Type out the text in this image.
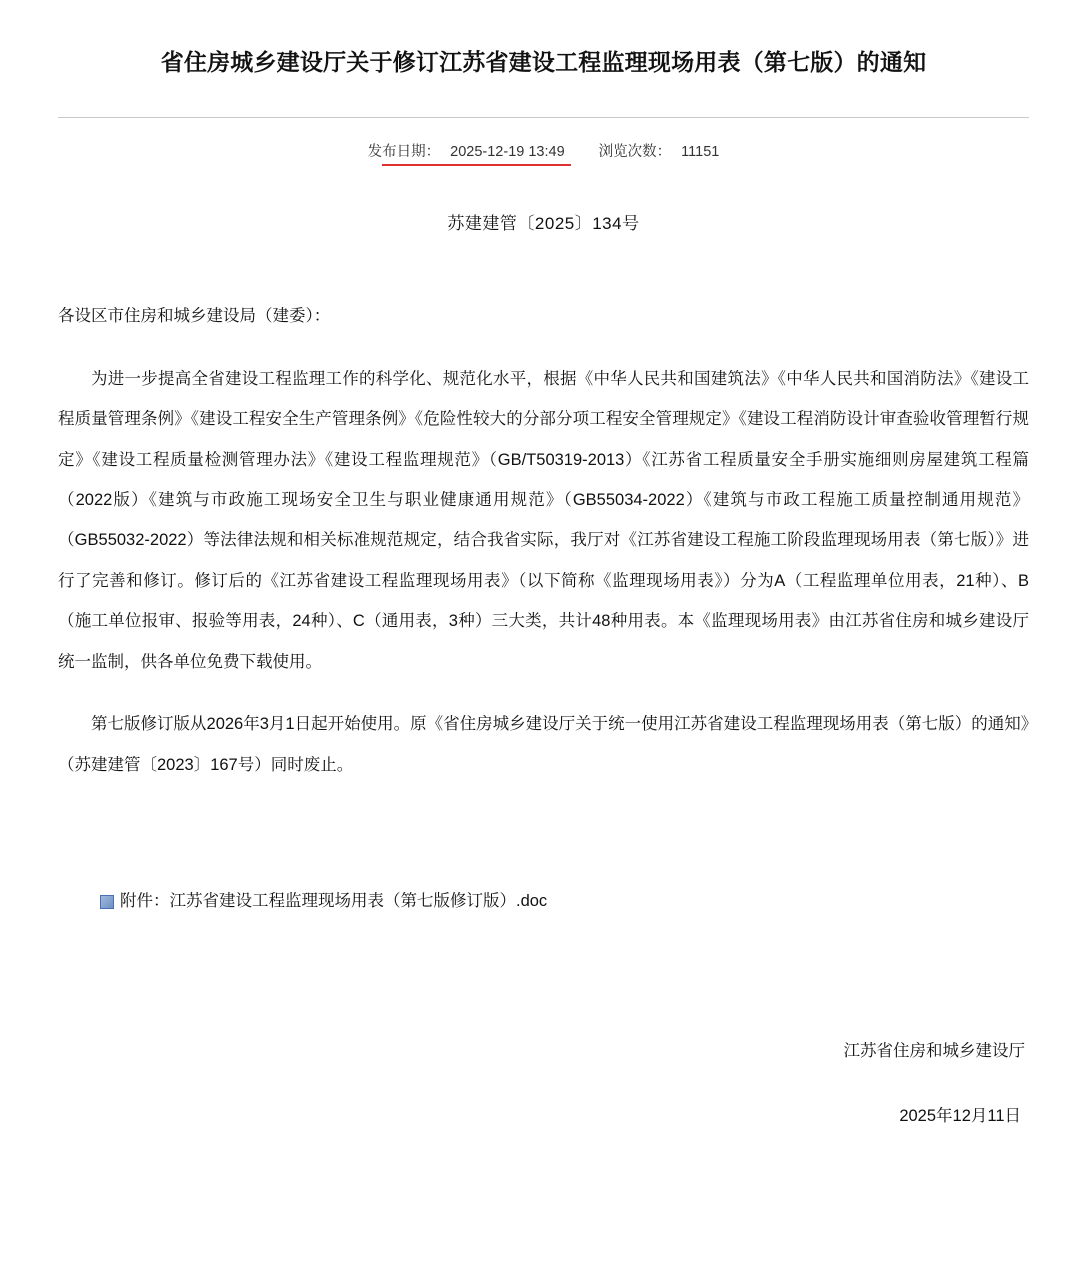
省住房城乡建设厅关于修订江苏省建设工程监理现场用表（第七版）的通知
发布日期： 2025-12-19 13:49 浏览次数： 11151
苏建建管〔2025〕134号

各设区市住房和城乡建设局（建委）：

为进一步提高全省建设工程监理工作的科学化、规范化水平，根据《中华人民共和国建筑法》《中华人民共和国消防法》《建设工程质量管理条例》《建设工程安全生产管理条例》《危险性较大的分部分项工程安全管理规定》《建设工程消防设计审查验收管理暂行规定》《建设工程质量检测管理办法》《建设工程监理规范》（GB/T50319-2013）《江苏省工程质量安全手册实施细则房屋建筑工程篇（2022版）《建筑与市政施工现场安全卫生与职业健康通用规范》（GB55034-2022）《建筑与市政工程施工质量控制通用规范》（GB55032-2022）等法律法规和相关标准规范规定，结合我省实际，我厅对《江苏省建设工程施工阶段监理现场用表（第七版）》进行了完善和修订。修订后的《江苏省建设工程监理现场用表》（以下简称《监理现场用表》）分为A（工程监理单位用表，21种）、B（施工单位报审、报验等用表，24种）、C（通用表，3种）三大类，共计48种用表。本《监理现场用表》由江苏省住房和城乡建设厅统一监制，供各单位免费下载使用。

第七版修订版从2026年3月1日起开始使用。原《省住房城乡建设厅关于统一使用江苏省建设工程监理现场用表（第七版）的通知》（苏建建管〔2023〕167号）同时废止。

附件：江苏省建设工程监理现场用表（第七版修订版）.doc
江苏省住房和城乡建设厅
2025年12月11日
